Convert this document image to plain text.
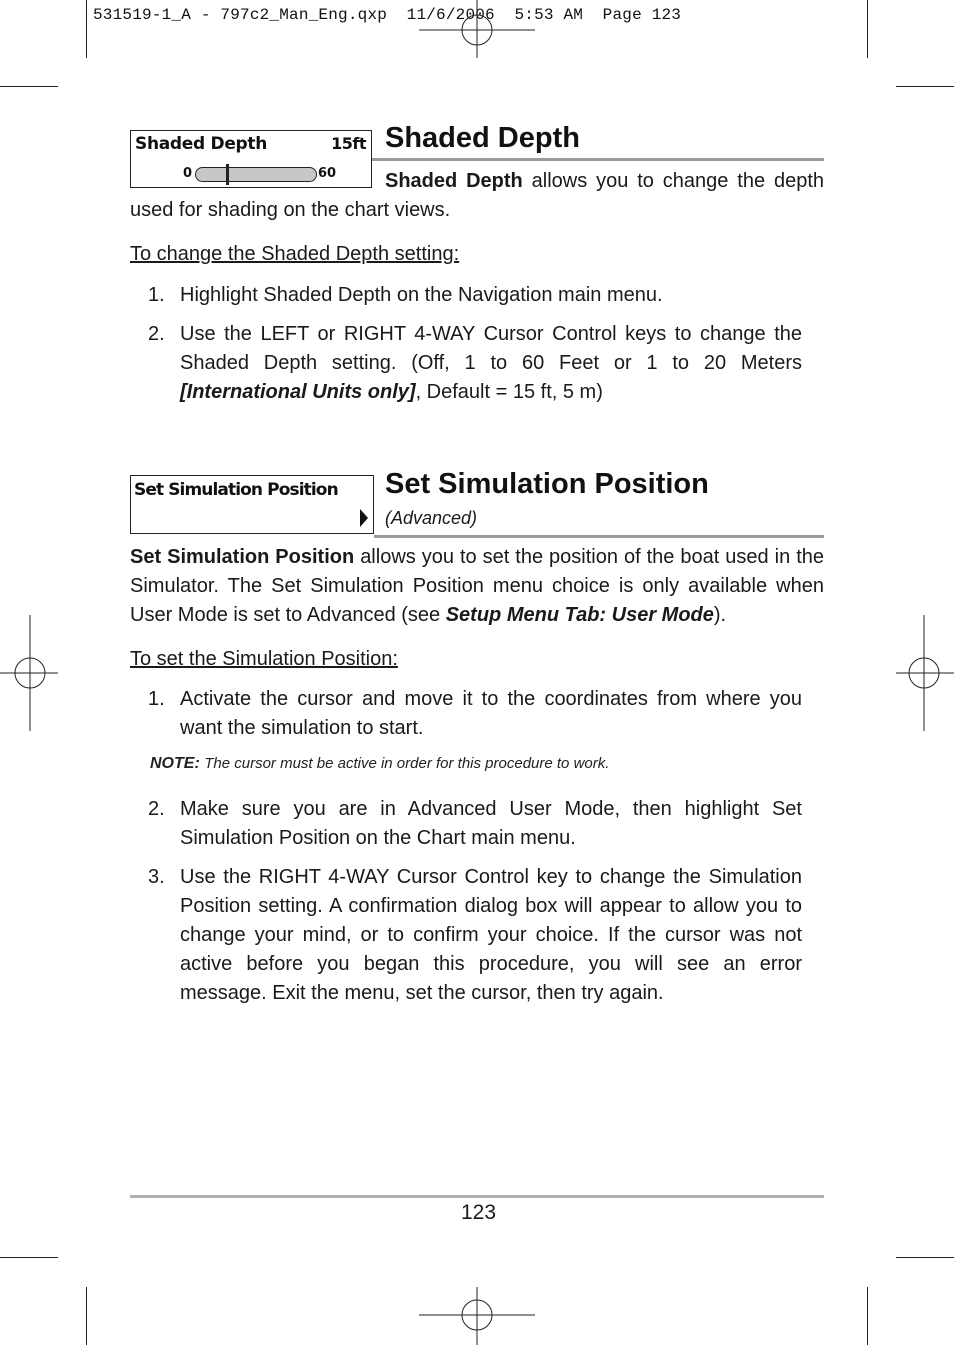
531519-1_A - 797c2_Man_Eng.qxp  11/6/2006  5:53 AM  Page 123
Shaded Depth	15ft
0	60
Shaded Depth
Shaded Depth allows you to change the depth
used for shading on the chart views.
To change the Shaded Depth setting:
1. Highlight Shaded Depth on the Navigation main menu.
2. Use the LEFT or RIGHT 4-WAY Cursor Control keys to change the Shaded Depth setting. (Off, 1 to 60 Feet or 1 to 20 Meters [International Units only], Default = 15 ft, 5 m)
Set Simulation Position Set Simulation Position
(Advanced)
Set Simulation Position allows you to set the position of the boat used in the Simulator. The Set Simulation Position menu choice is only available when User Mode is set to Advanced (see Setup Menu Tab: User Mode).
To set the Simulation Position:
1. Activate the cursor and move it to the coordinates from where you want the simulation to start.
NOTE: The cursor must be active in order for this procedure to work.
2. Make sure you are in Advanced User Mode, then highlight Set Simulation Position on the Chart main menu.
3. Use the RIGHT 4-WAY Cursor Control key to change the Simulation Position setting. A confirmation dialog box will appear to allow you to change your mind, or to confirm your choice. If the cursor was not active before you began this procedure, you will see an error message. Exit the menu, set the cursor, then try again.
123
